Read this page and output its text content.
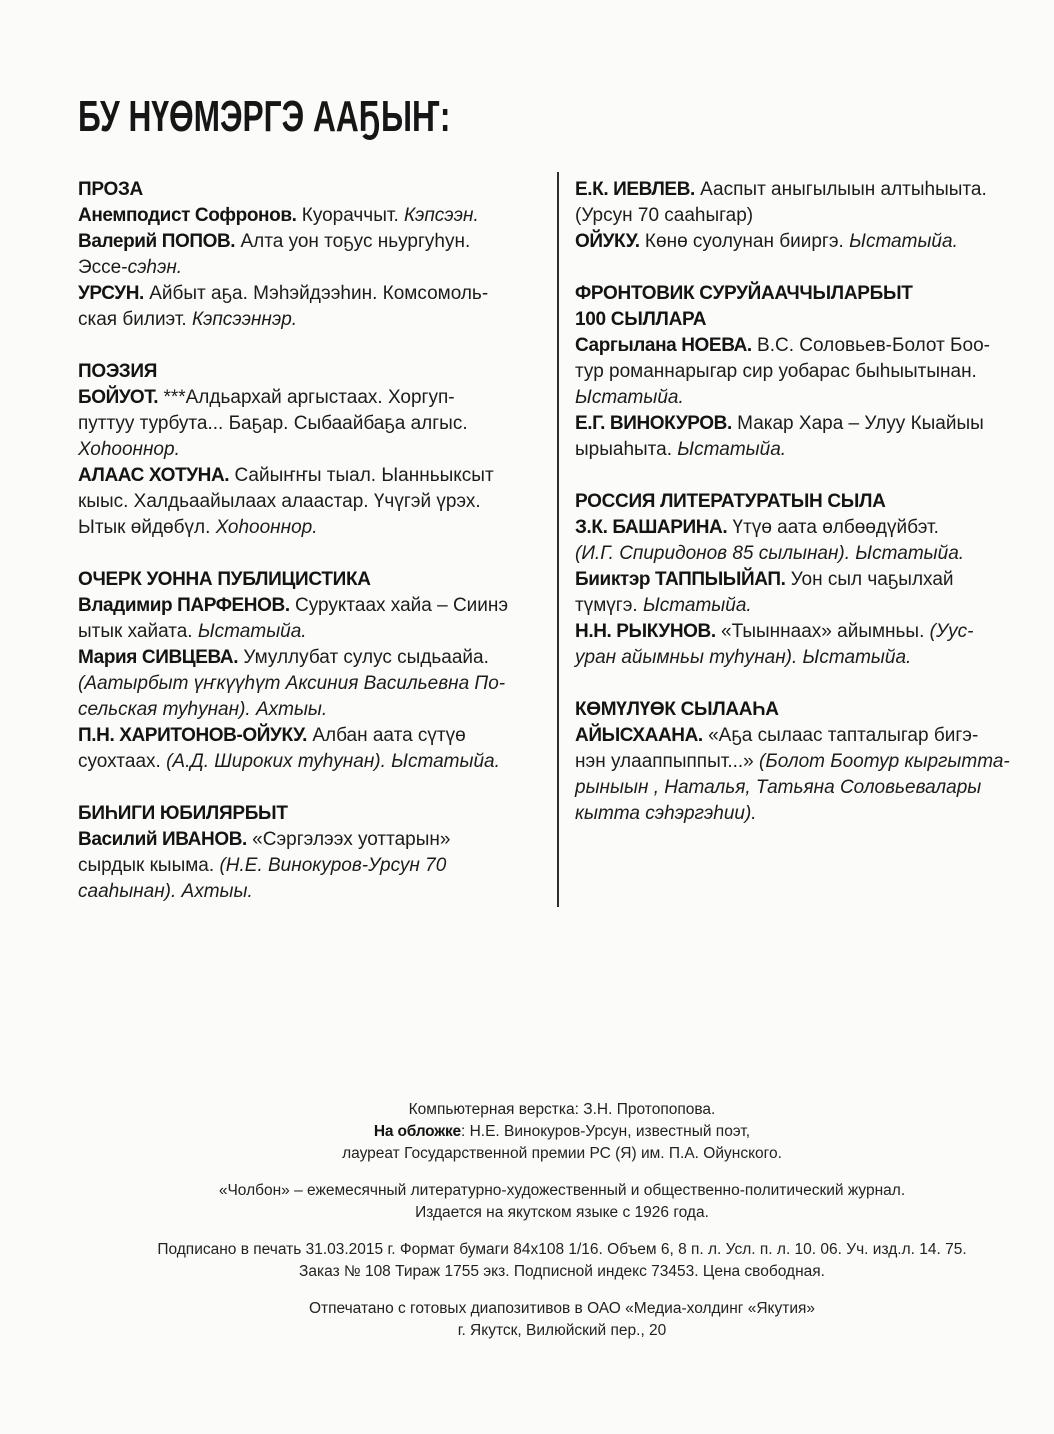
БУ НҮӨМЭРГЭ ААҔЫҤ:
ПРОЗА
Анемподист Софронов. Куораччыт. Кэпсээн.
Валерий ПОПОВ. Алта уон тоҕус ньургуһун.
Эссе-сэһэн.
УРСУН. Айбыт аҕа. Мэһэйдээһин. Комсомоль-
ская билиэт. Кэпсээннэр.
ПОЭЗИЯ
БОЙУОТ. ***Алдьархай аргыстаах. Хоргуп-
путтуу турбута... Баҕар. Сыбаайбаҕа алгыс.
Хоһооннор.
АЛААС ХОТУНА. Сайыҥҥы тыал. Ыанньыксыт
кыыс. Халдьаайылаах алаастар. Үчүгэй үрэх.
Ытык өйдөбүл. Хоһооннор.
ОЧЕРК УОННА ПУБЛИЦИСТИКА
Владимир ПАРФЕНОВ. Суруктаах хайа – Сиинэ
ытык хайата. Ыстатыйа.
Мария СИВЦЕВА. Умуллубат сулус сыдьаайа.
(Аатырбыт үҥкүүһүт Аксиния Васильевна По-
сельская туһунан). Ахтыы.
П.Н. ХАРИТОНОВ-ОЙУКУ. Албан аата сүтүө
суохтаах. (А.Д. Широких туһунан). Ыстатыйа.
БИҺИГИ ЮБИЛЯРБЫТ
Василий ИВАНОВ. «Сэргэлээх уоттарын»
сырдык кыыма. (Н.Е. Винокуров-Урсун 70
сааһынан). Ахтыы.
Е.К. ИЕВЛЕВ. Ааспыт аныгылыын алтыһыыта.
(Урсун 70 сааһыгар)
ОЙУКУ. Көнө суолунан бииргэ. Ыстатыйа.
ФРОНТОВИК СУРУЙААЧЧЫЛАРБЫТ
100 СЫЛЛАРА
Саргылана НОЕВА. В.С. Соловьев-Болот Боо-
тур романнарыгар сир уобарас быһыытынан.
Ыстатыйа.
Е.Г. ВИНОКУРОВ. Макар Хара – Улуу Кыайыы
ырыаһыта. Ыстатыйа.
РОССИЯ ЛИТЕРАТУРАТЫН СЫЛА
З.К. БАШАРИНА. Үтүө аата өлбөөдүйбэт.
(И.Г. Спиридонов 85 сылынан). Ыстатыйа.
Бииктэр ТАППЫЫЙАП. Уон сыл чаҕылхай
түмүгэ. Ыстатыйа.
Н.Н. РЫКУНОВ. «Тыыннаах» айымньы. (Уус-
уран айымньы туһунан). Ыстатыйа.
КӨМҮЛҮӨК СЫЛААҺА
АЙЫСХААНА. «Аҕа сылаас тапталыгар бигэ-
нэн улааппыппыт...» (Болот Боотур кыргытта-
рыныын , Наталья, Татьяна Соловьевалары
кытта сэһэргэһии).
Компьютерная верстка: З.Н. Протопопова.
На обложке: Н.Е. Винокуров-Урсун, известный поэт,
лауреат Государственной премии РС (Я) им. П.А. Ойунского.
«Чолбон» – ежемесячный литературно-художественный и общественно-политический журнал.
Издается на якутском языке с 1926 года.
Подписано в печать 31.03.2015 г. Формат бумаги 84х108 1/16. Объем 6, 8 п. л. Усл. п. л. 10. 06. Уч. изд.л. 14. 75.
Заказ № 108 Тираж 1755 экз. Подписной индекс 73453. Цена свободная.
Отпечатано с готовых диапозитивов в ОАО «Медиа-холдинг «Якутия»
г. Якутск, Вилюйский пер., 20
